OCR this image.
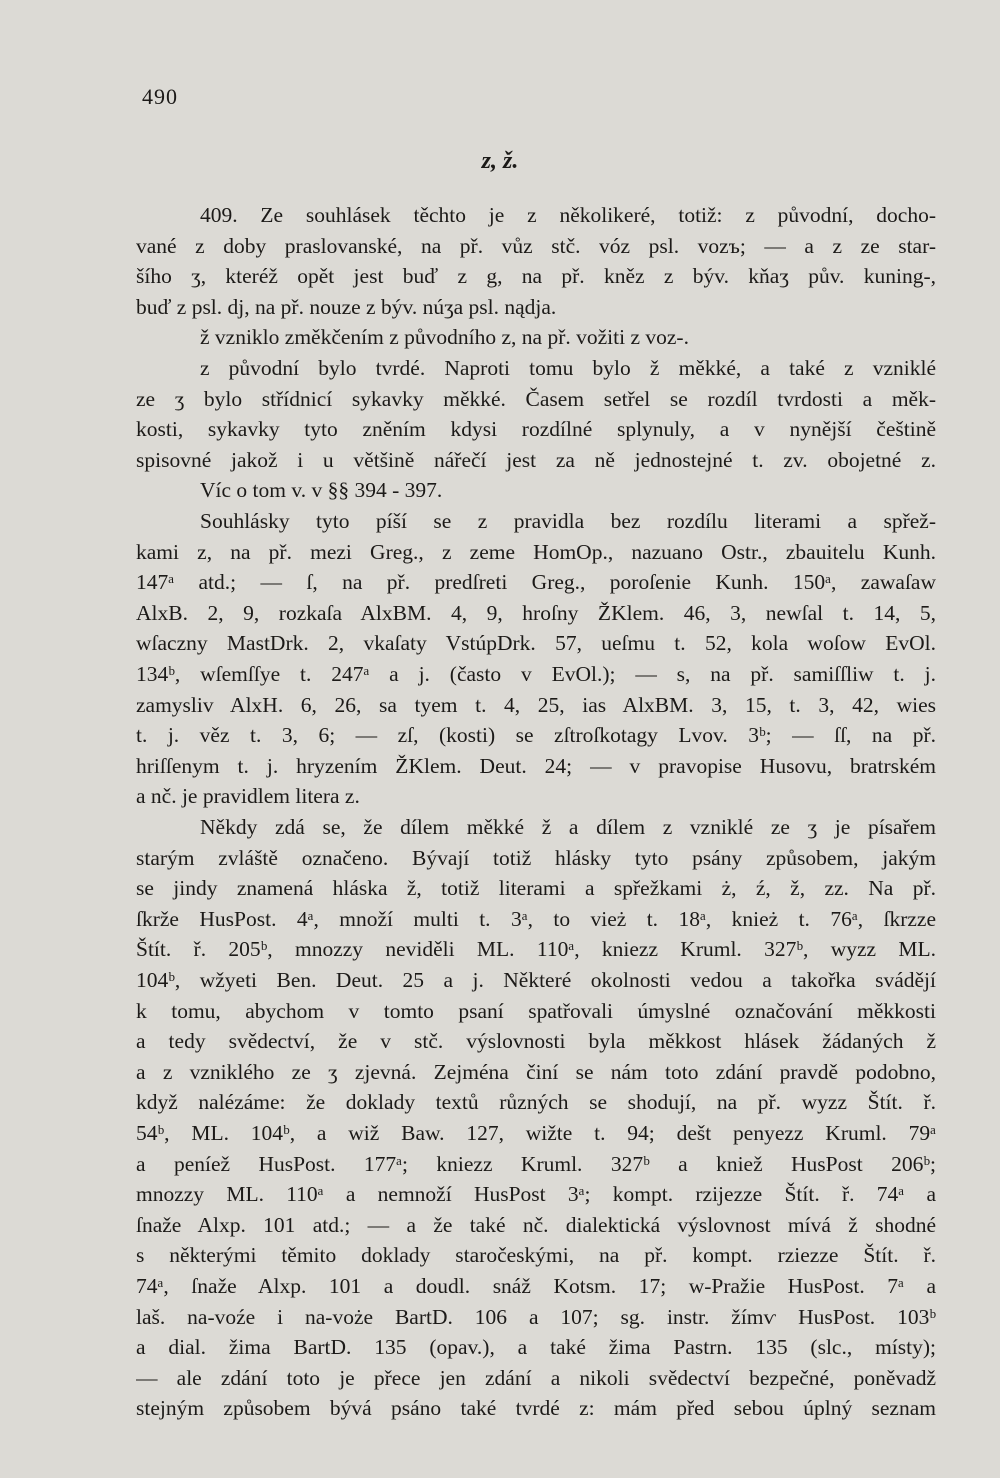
490
z, ž.
409. Ze souhlásek těchto je z několikeré, totiž: z původní, docho-
vané z doby praslovanské, na př. vůz stč. vóz psl. vozъ; — a z ze star-
šího ʒ, kteréž opět jest buď z g, na př. kněz z býv. kňaʒ pův. kuning-,
buď z psl. dj, na př. nouze z býv. núʒa psl. nądja.
ž vzniklo změkčením z původního z, na př. vožiti z voz-.
z původní bylo tvrdé. Naproti tomu bylo ž měkké, a také z vzniklé
ze ʒ bylo střídnicí sykavky měkké. Časem setřel se rozdíl tvrdosti a měk-
kosti, sykavky tyto zněním kdysi rozdílné splynuly, a v nynější češtině
spisovné jakož i u většině nářečí jest za ně jednostejné t. zv. obojetné z.
Víc o tom v. v §§ 394 - 397.
Souhlásky tyto píší se z pravidla bez rozdílu literami a spřež-
kami z, na př. mezi Greg., z zeme HomOp., nazuano Ostr., zbauitelu Kunh.
147ᵃ atd.; — ſ, na př. predſreti Greg., poroſenie Kunh. 150ᵃ, zawaſaw
AlxB. 2, 9, rozkaſa AlxBM. 4, 9, hroſny ŽKlem. 46, 3, newſal t. 14, 5,
wſaczny MastDrk. 2, vkaſaty VstúpDrk. 57, ueſmu t. 52, kola woſow EvOl.
134ᵇ, wſemſſye t. 247ᵃ a j. (často v EvOl.); — s, na př. samiſſliw t. j.
zamysliv AlxH. 6, 26, sa tyem t. 4, 25, ias AlxBM. 3, 15, t. 3, 42, wies
t. j. věz t. 3, 6; — zſ, (kosti) se zſtroſkotagy Lvov. 3ᵇ; — ſſ, na př.
hriſſenym t. j. hryzením ŽKlem. Deut. 24; — v pravopise Husovu, bratrském
a nč. je pravidlem litera z.
Někdy zdá se, že dílem měkké ž a dílem z vzniklé ze ʒ je písařem
starým zvláště označeno. Bývají totiž hlásky tyto psány způsobem, jakým
se jindy znamená hláska ž, totiž literami a spřežkami ż, ź, ž, zz. Na př.
ſkrže HusPost. 4ᵃ, množí multi t. 3ᵃ, to vież t. 18ᵃ, knież t. 76ᵃ, ſkrzze
Štít. ř. 205ᵇ, mnozzy neviděli ML. 110ᵃ, kniezz Kruml. 327ᵇ, wyzz ML.
104ᵇ, wžyeti Ben. Deut. 25 a j. Některé okolnosti vedou a takořka svádějí
k tomu, abychom v tomto psaní spatřovali úmyslné označování měkkosti
a tedy svědectví, že v stč. výslovnosti byla měkkost hlásek žádaných ž
a z vzniklého ze ʒ zjevná. Zejména činí se nám toto zdání pravdě podobno,
když nalézáme: že doklady textů různých se shodují, na př. wyzz Štít. ř.
54ᵇ, ML. 104ᵇ, a wiž Baw. 127, wižte t. 94; dešt penyezz Kruml. 79ᵃ
a peníež HusPost. 177ᵃ; kniezz Kruml. 327ᵇ a kniež HusPost 206ᵇ;
mnozzy ML. 110ᵃ a nemnoží HusPost 3ᵃ; kompt. rzijezze Štít. ř. 74ᵃ a
ſnaže Alxp. 101 atd.; — a že také nč. dialektická výslovnost mívá ž shodné
s některými těmito doklady staročeskými, na př. kompt. rziezze Štít. ř.
74ᵃ, ſnaže Alxp. 101 a doudl. snáž Kotsm. 17; w-Pražie HusPost. 7ᵃ a
laš. na-voźe i na-voże BartD. 106 a 107; sg. instr. žímѵ HusPost. 103ᵇ
a dial. žima BartD. 135 (opav.), a také žima Pastrn. 135 (slc., místy);
— ale zdání toto je přece jen zdání a nikoli svědectví bezpečné, poněvadž
stejným způsobem bývá psáno také tvrdé z: mám před sebou úplný seznam
